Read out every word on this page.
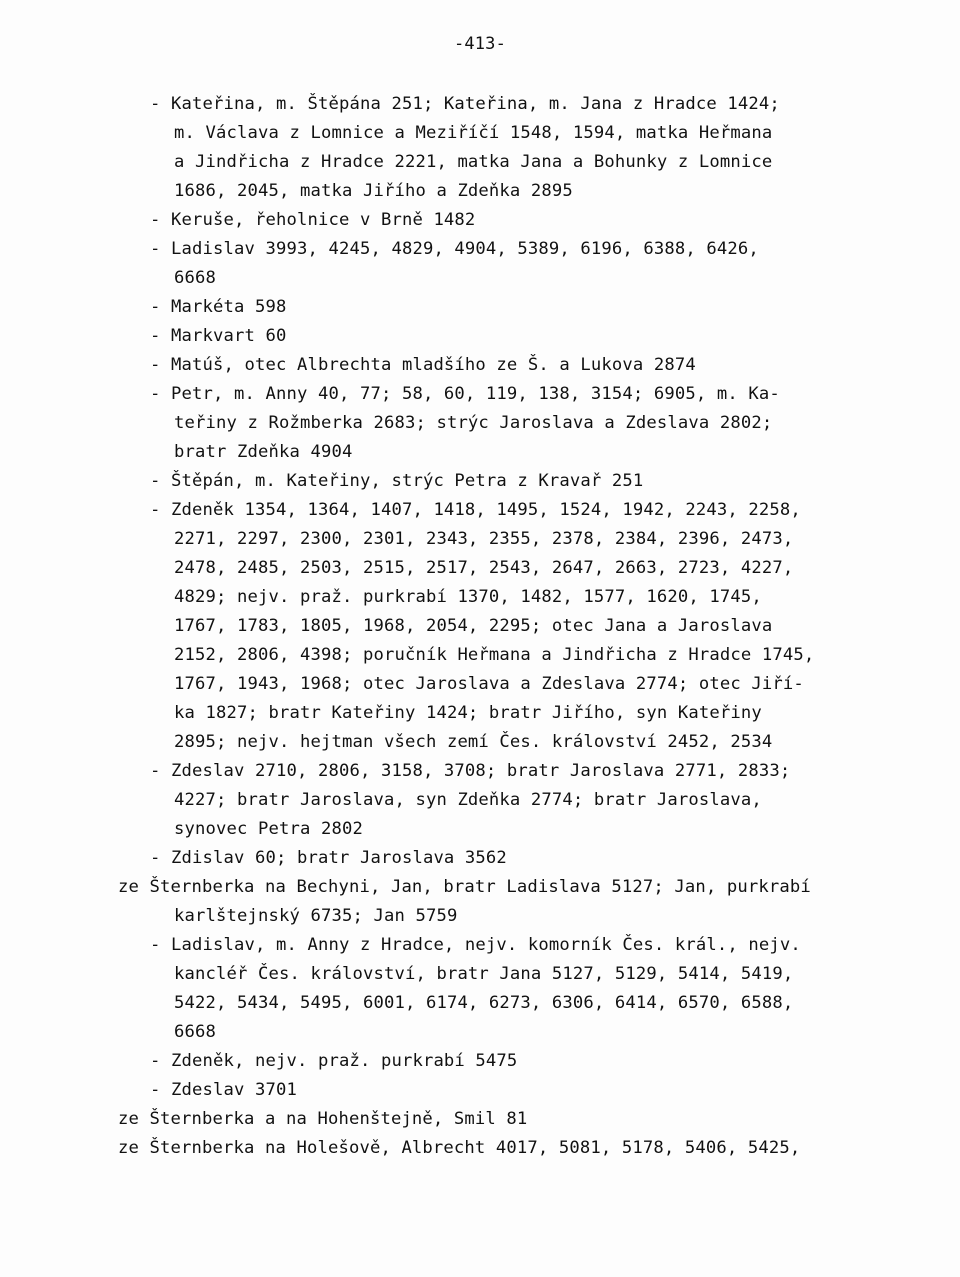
-413-
- Kateřina, m. Štěpána 251; Kateřina, m. Jana z Hradce 1424;
m. Václava z Lomnice a Meziříčí 1548, 1594, matka Heřmana
a Jindřicha z Hradce 2221, matka Jana a Bohunky z Lomnice
1686, 2045, matka Jiřího a Zdeňka 2895
- Keruše, řeholnice v Brně 1482
- Ladislav 3993, 4245, 4829, 4904, 5389, 6196, 6388, 6426,
6668
- Markéta 598
- Markvart 60
- Matúš, otec Albrechta mladšího ze Š. a Lukova 2874
- Petr, m. Anny 40, 77; 58, 60, 119, 138, 3154; 6905, m. Ka-
teřiny z Rožmberka 2683; strýc Jaroslava a Zdeslava 2802;
bratr Zdeňka 4904
- Štěpán, m. Kateřiny, strýc Petra z Kravař 251
- Zdeněk 1354, 1364, 1407, 1418, 1495, 1524, 1942, 2243, 2258,
2271, 2297, 2300, 2301, 2343, 2355, 2378, 2384, 2396, 2473,
2478, 2485, 2503, 2515, 2517, 2543, 2647, 2663, 2723, 4227,
4829; nejv. praž. purkrabí 1370, 1482, 1577, 1620, 1745,
1767, 1783, 1805, 1968, 2054, 2295; otec Jana a Jaroslava
2152, 2806, 4398; poručník Heřmana a Jindřicha z Hradce 1745,
1767, 1943, 1968; otec Jaroslava a Zdeslava 2774; otec Jiří-
ka 1827; bratr Kateřiny 1424; bratr Jiřího, syn Kateřiny
2895; nejv. hejtman všech zemí Čes. království 2452, 2534
- Zdeslav 2710, 2806, 3158, 3708; bratr Jaroslava 2771, 2833;
4227; bratr Jaroslava, syn Zdeňka 2774; bratr Jaroslava,
synovec Petra 2802
- Zdislav 60; bratr Jaroslava 3562
ze Šternberka na Bechyni, Jan, bratr Ladislava 5127; Jan, purkrabí
karlštejnský 6735; Jan 5759
- Ladislav, m. Anny z Hradce, nejv. komorník Čes. král., nejv.
kancléř Čes. království, bratr Jana 5127, 5129, 5414, 5419,
5422, 5434, 5495, 6001, 6174, 6273, 6306, 6414, 6570, 6588,
6668
- Zdeněk, nejv. praž. purkrabí 5475
- Zdeslav 3701
ze Šternberka a na Hohenštejně, Smil 81
ze Šternberka na Holešově, Albrecht 4017, 5081, 5178, 5406, 5425,
